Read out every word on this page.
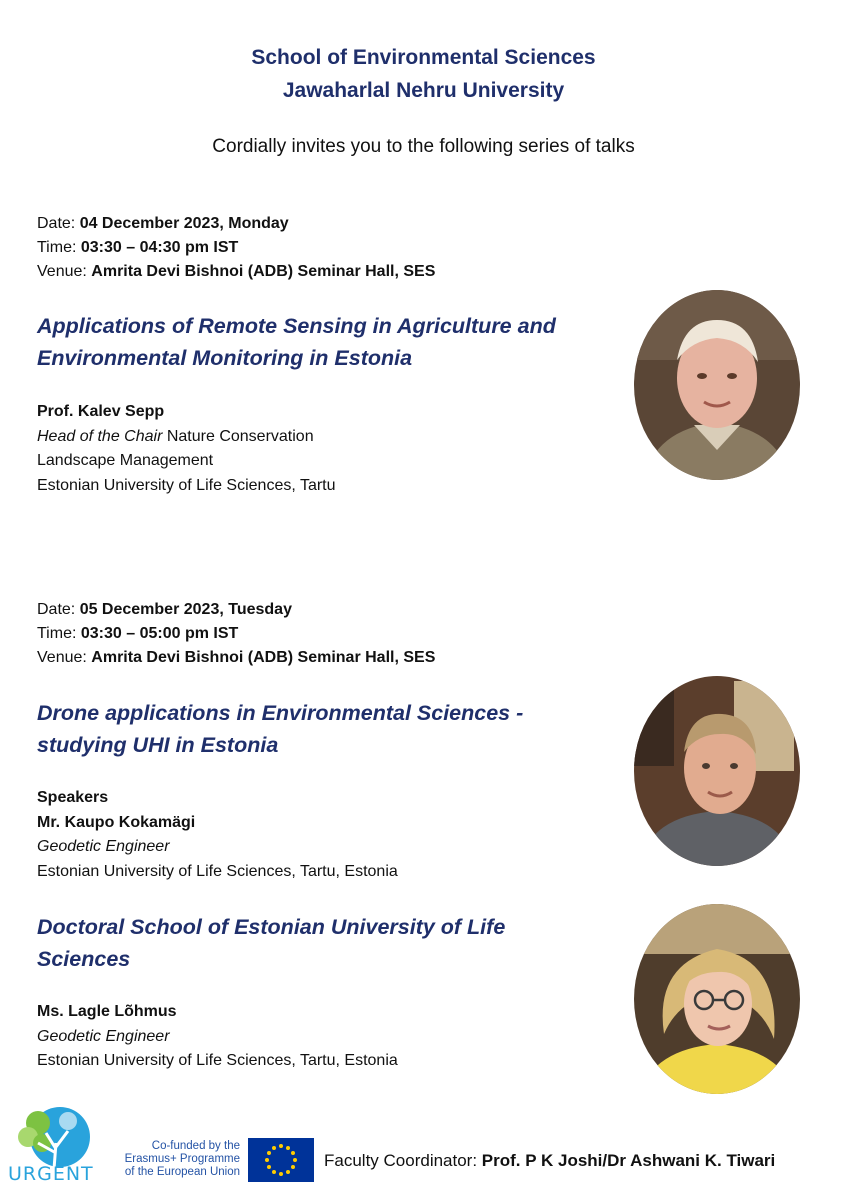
School of Environmental Sciences
Jawaharlal Nehru University
Cordially invites you to the following series of talks
Date: 04 December 2023, Monday
Time: 03:30 – 04:30 pm IST
Venue: Amrita Devi Bishnoi (ADB) Seminar Hall, SES
Applications of Remote Sensing in Agriculture and
Environmental Monitoring in Estonia
Prof. Kalev Sepp
Head of the Chair Nature Conservation
Landscape Management
Estonian University of Life Sciences, Tartu
Date: 05 December 2023, Tuesday
Time: 03:30 – 05:00 pm IST
Venue: Amrita Devi Bishnoi (ADB) Seminar Hall, SES
Drone applications in Environmental Sciences -
studying UHI in Estonia
Speakers
Mr. Kaupo Kokamägi
Geodetic Engineer
Estonian University of Life Sciences, Tartu, Estonia
Doctoral School of Estonian University of Life
Sciences
Ms. Lagle Lõhmus
Geodetic Engineer
Estonian University of Life Sciences, Tartu, Estonia
URGENT
Co-funded by the
Erasmus+ Programme
of the European Union
Faculty Coordinator: Prof. P K Joshi/Dr Ashwani K. Tiwari
